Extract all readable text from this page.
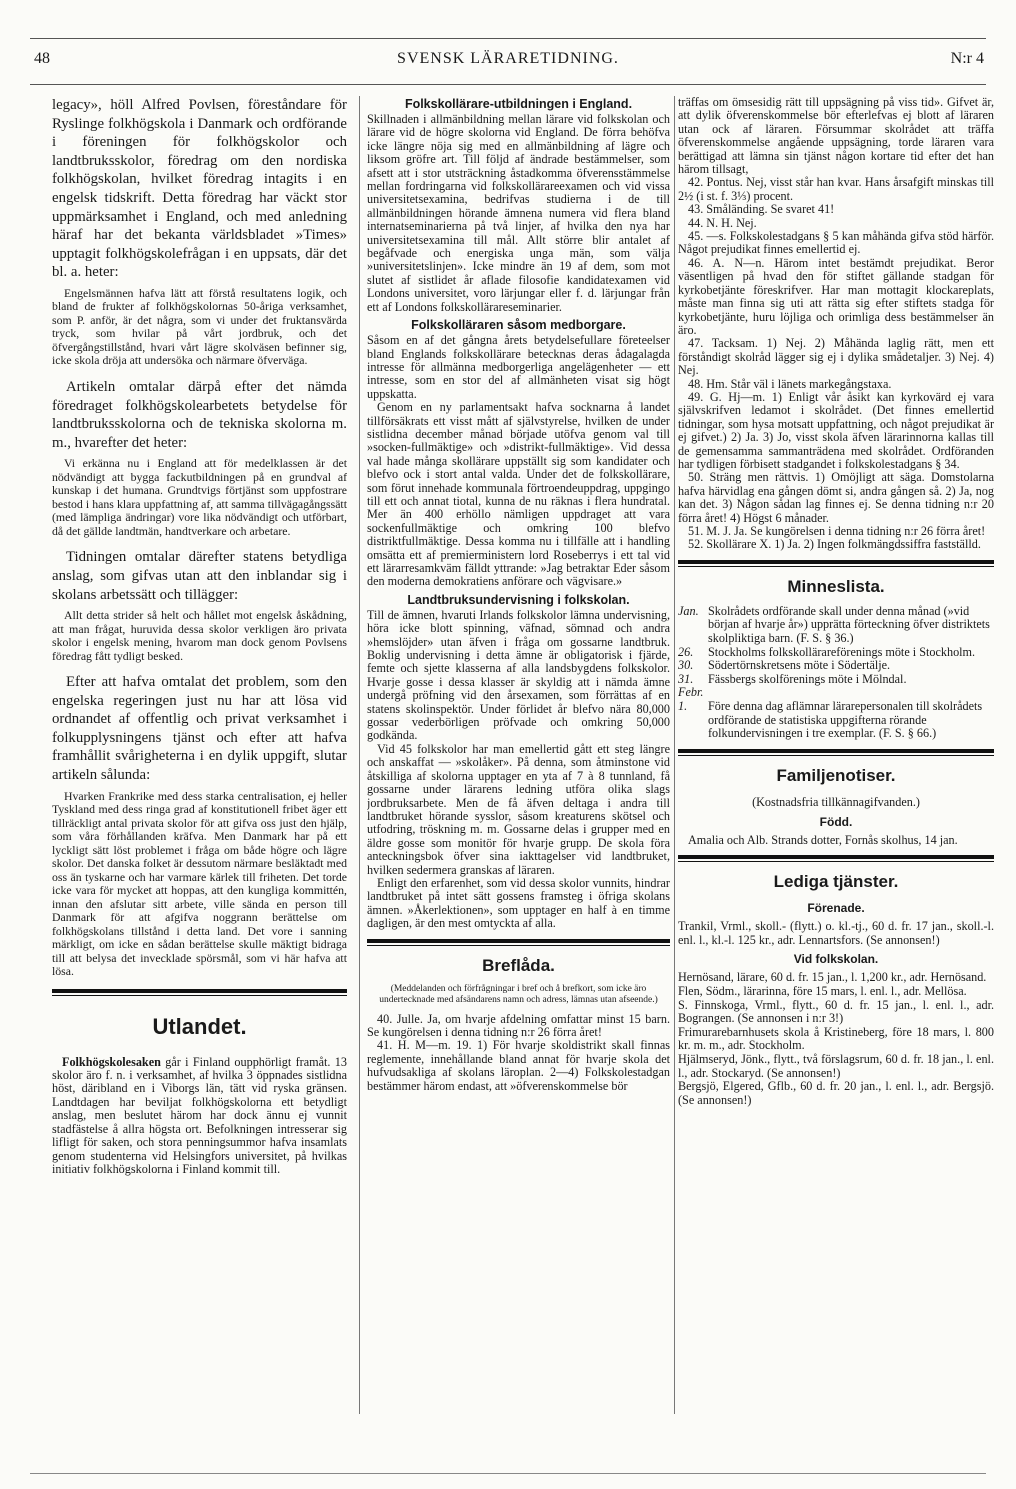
48	SVENSK LÄRARETIDNING.	N:r 4

legacy», höll Alfred Povlsen, föreståndare för Ryslinge folkhögskola i Danmark och ordförande i föreningen för folkhögskolor och landtbruksskolor, föredrag om den nordiska folkhögskolan, hvilket föredrag intagits i en engelsk tidskrift. Detta föredrag har väckt stor uppmärksamhet i England, och med anledning häraf har det bekanta världsbladet »Times» upptagit folkhögskolefrågan i en uppsats, där det bl. a. heter:

Engelsmännen hafva lätt att förstå resultatens logik, och bland de frukter af folkhögskolornas 50-åriga verksamhet, som P. anför, är det några, som vi under det fruktansvärda tryck, som hvilar på vårt jordbruk, och det öfvergångstillstånd, hvari vårt lägre skolväsen befinner sig, icke skola dröja att undersöka och närmare öfverväga.

Artikeln omtalar därpå efter det nämda föredraget folkhögskolearbetets betydelse för landtbruksskolorna och de tekniska skolorna m. m., hvarefter det heter:

Vi erkänna nu i England att för medelklassen är det nödvändigt att bygga fackutbildningen på en grundval af kunskap i det humana. Grundtvigs förtjänst som uppfostrare bestod i hans klara uppfattning af, att samma tillvägagångssätt (med lämpliga ändringar) vore lika nödvändigt och utförbart, då det gällde landtmän, handtverkare och arbetare.

Tidningen omtalar därefter statens betydliga anslag, som gifvas utan att den inblandar sig i skolans arbetssätt och tillägger:

Allt detta strider så helt och hållet mot engelsk åskådning, att man frågat, huruvida dessa skolor verkligen äro privata skolor i engelsk mening, hvarom man dock genom Povlsens föredrag fått tydligt besked.

Efter att hafva omtalat det problem, som den engelska regeringen just nu har att lösa vid ordnandet af offentlig och privat verksamhet i folkupplysningens tjänst och efter att hafva framhållit svårigheterna i en dylik uppgift, slutar artikeln sålunda:

Hvarken Frankrike med dess starka centralisation, ej heller Tyskland med dess ringa grad af konstitutionell fribet äger ett tillräckligt antal privata skolor för att gifva oss just den hjälp, som våra förhållanden kräfva. Men Danmark har på ett lyckligt sätt löst problemet i fråga om både högre och lägre skolor. Det danska folket är dessutom närmare besläktadt med oss än tyskarne och har varmare kärlek till friheten. Det torde icke vara för mycket att hoppas, att den kungliga kommittén, innan den afslutar sitt arbete, ville sända en person till Danmark för att afgifva noggrann berättelse om folkhögskolans tillstånd i detta land. Det vore i sanning märkligt, om icke en sådan berättelse skulle mäktigt bidraga till att belysa det invecklade spörsmål, som vi här hafva att lösa.

Utlandet.

Folkhögskolesaken går i Finland oupphörligt framåt. 13 skolor äro f. n. i verksamhet, af hvilka 3 öppnades sistlidna höst, däribland en i Viborgs län, tätt vid ryska gränsen. Landtdagen har beviljat folkhögskolorna ett betydligt anslag, men beslutet härom har dock ännu ej vunnit stadfästelse å allra högsta ort. Befolkningen intresserar sig lifligt för saken, och stora penningsummor hafva insamlats genom studenterna vid Helsingfors universitet, på hvilkas initiativ folkhögskolorna i Finland kommit till.

Folkskollärare-utbildningen i England.

Skillnaden i allmänbildning mellan lärare vid folkskolan och lärare vid de högre skolorna vid England. De förra behöfva icke längre nöja sig med en allmänbildning af lägre och liksom gröfre art. Till följd af ändrade bestämmelser, som afsett att i stor utsträckning åstadkomma öfverensstämmelse mellan fordringarna vid folkskollärareexamen och vid vissa universitetsexamina, bedrifvas studierna i de till allmänbildningen hörande ämnena numera vid flera bland internatseminarierna på två linjer, af hvilka den nya har universitetsexamina till mål. Allt större blir antalet af begåfvade och energiska unga män, som välja »universitetslinjen». Icke mindre än 19 af dem, som mot slutet af sistlidet år aflade filosofie kandidatexamen vid Londons universitet, voro lärjungar eller f. d. lärjungar från ett af Londons folkskollärareseminarier.

Folkskolläraren såsom medborgare.

Såsom en af det gångna årets betydelsefullare företeelser bland Englands folkskollärare betecknas deras ådagalagda intresse för allmänna medborgerliga angelägenheter — ett intresse, som en stor del af allmänheten visat sig högt uppskatta.

Genom en ny parlamentsakt hafva socknarna å landet tillförsäkrats ett visst mått af självstyrelse, hvilken de under sistlidna december månad började utöfva genom val till »socken-fullmäktige» och »distrikt-fullmäktige». Vid dessa val hade många skollärare uppställt sig som kandidater och blefvo ock i stort antal valda. Under det de folkskollärare, som förut innehade kommunala förtroendeuppdrag, uppgingo till ett och annat tiotal, kunna de nu räknas i flera hundratal. Mer än 400 erhöllo nämligen uppdraget att vara sockenfullmäktige och omkring 100 blefvo distriktfullmäktige. Dessa komma nu i tillfälle att i handling omsätta ett af premierministern lord Roseberrys i ett tal vid ett lärarresamkväm fälldt yttrande: »Jag betraktar Eder såsom den moderna demokratiens anförare och vägvisare.»

Landtbruksundervisning i folkskolan.

Till de ämnen, hvaruti Irlands folkskolor lämna undervisning, höra icke blott spinning, väfnad, sömnad och andra »hemslöjder» utan äfven i fråga om gossarne landtbruk. Boklig undervisning i detta ämne är obligatorisk i fjärde, femte och sjette klasserna af alla landsbygdens folkskolor. Hvarje gosse i dessa klasser är skyldig att i nämda ämne undergå pröfning vid den årsexamen, som förrättas af en statens skolinspektör. Under förlidet år blefvo nära 80,000 gossar vederbörligen pröfvade och omkring 50,000 godkända.

Vid 45 folkskolor har man emellertid gått ett steg längre och anskaffat — »skolåker». På denna, som åtminstone vid åtskilliga af skolorna upptager en yta af 7 à 8 tunnland, få gossarne under lärarens ledning utföra olika slags jordbruksarbete. Men de få äfven deltaga i andra till landtbruket hörande sysslor, såsom kreaturens skötsel och utfodring, tröskning m. m. Gossarne delas i grupper med en äldre gosse som monitör för hvarje grupp. De skola föra anteckningsbok öfver sina iakttagelser vid landtbruket, hvilken sedermera granskas af läraren.

Enligt den erfarenhet, som vid dessa skolor vunnits, hindrar landtbruket på intet sätt gossens framsteg i öfriga skolans ämnen. »Åkerlektionen», som upptager en half à en timme dagligen, är den mest omtyckta af alla.

Breflåda.

(Meddelanden och förfrågningar i bref och å brefkort, som icke äro undertecknade med afsändarens namn och adress, lämnas utan afseende.)

40. Julle. Ja, om hvarje afdelning omfattar minst 15 barn. Se kungörelsen i denna tidning n:r 26 förra året!

41. H. M—m. 19. 1) För hvarje skoldistrikt skall finnas reglemente, innehållande bland annat för hvarje skola det hufvudsakliga af skolans läroplan. 2—4) Folkskolestadgan bestämmer härom endast, att »öfverenskommelse bör

träffas om ömsesidig rätt till uppsägning på viss tid». Gifvet är, att dylik öfverenskommelse bör efterlefvas ej blott af läraren utan ock af läraren. Försummar skolrådet att träffa öfverenskommelse angående uppsägning, torde läraren vara berättigad att lämna sin tjänst någon kortare tid efter det han härom tillsagt,

42. Pontus. Nej, visst står han kvar. Hans årsafgift minskas till 2½ (i st. f. 3⅓) procent.

43. Småländing. Se svaret 41!

44. N. H. Nej.

45. —s. Folkskolestadgans § 5 kan måhända gifva stöd härför. Något prejudikat finnes emellertid ej.

46. A. N—n. Härom intet bestämdt prejudikat. Beror väsentligen på hvad den för stiftet gällande stadgan för kyrkobetjänte föreskrifver. Har man mottagit klockareplats, måste man finna sig uti att rätta sig efter stiftets stadga för kyrkobetjänte, huru löjliga och orimliga dess bestämmelser än äro.

47. Tacksam. 1) Nej. 2) Måhända laglig rätt, men ett förståndigt skolråd lägger sig ej i dylika smådetaljer. 3) Nej. 4) Nej.

48. Hm. Står väl i länets markegångstaxa.

49. G. Hj—m. 1) Enligt vår åsikt kan kyrkovärd ej vara självskrifven ledamot i skolrådet. (Det finnes emellertid tidningar, som hysa motsatt uppfattning, och något prejudikat är ej gifvet.) 2) Ja. 3) Jo, visst skola äfven lärarinnorna kallas till de gemensamma sammanträdena med skolrådet. Ordföranden har tydligen förbisett stadgandet i folkskolestadgans § 34.

50. Sträng men rättvis. 1) Omöjligt att säga. Domstolarna hafva härvidlag ena gången dömt si, andra gången så. 2) Ja, nog kan det. 3) Någon sådan lag finnes ej. Se denna tidning n:r 20 förra året! 4) Högst 6 månader.

51. M. J. Ja. Se kungörelsen i denna tidning n:r 26 förra året!

52. Skollärare X. 1) Ja. 2) Ingen folkmängdssiffra fastställd.

Minneslista.
Jan. Skolrådets ordförande skall under denna månad (»vid början af hvarje år») upprätta förteckning öfver distriktets skolpliktiga barn. (F. S. § 36.)
26.	Stockholms folkskollärareförenings möte i Stockholm.
30.	Södertörnskretsens möte i Södertälje.
31.	Fässbergs skolförenings möte i Mölndal.
Febr.
1.	Före denna dag aflämnar lärarepersonalen till skolrådets ordförande de statistiska uppgifterna rörande folkundervisningen i tre exemplar. (F. S. § 66.)
Familjenotiser.
(Kostnadsfria tillkännagifvanden.)
Född.

Amalia och Alb. Strands dotter, Fornås skolhus, 14 jan.

Lediga tjänster.
Förenade.

Trankil, Vrml., skoll.- (flytt.) o. kl.-tj., 60 d. fr. 17 jan., skoll.-l. enl. l., kl.-l. 125 kr., adr. Lennartsfors. (Se annonsen!)

Vid folkskolan.

Hernösand, lärare, 60 d. fr. 15 jan., l. 1,200 kr., adr. Hernösand.

Flen, Södm., lärarinna, före 15 mars, l. enl. l., adr. Mellösa.

S. Finnskoga, Vrml., flytt., 60 d. fr. 15 jan., l. enl. l., adr. Bograngen. (Se annonsen i n:r 3!)

Frimurarebarnhusets skola å Kristineberg, före 18 mars, l. 800 kr. m. m., adr. Stockholm.

Hjälmseryd, Jönk., flytt., två förslagsrum, 60 d. fr. 18 jan., l. enl. l., adr. Stockaryd. (Se annonsen!)

Bergsjö, Elgered, Gflb., 60 d. fr. 20 jan., l. enl. l., adr. Bergsjö. (Se annonsen!)
